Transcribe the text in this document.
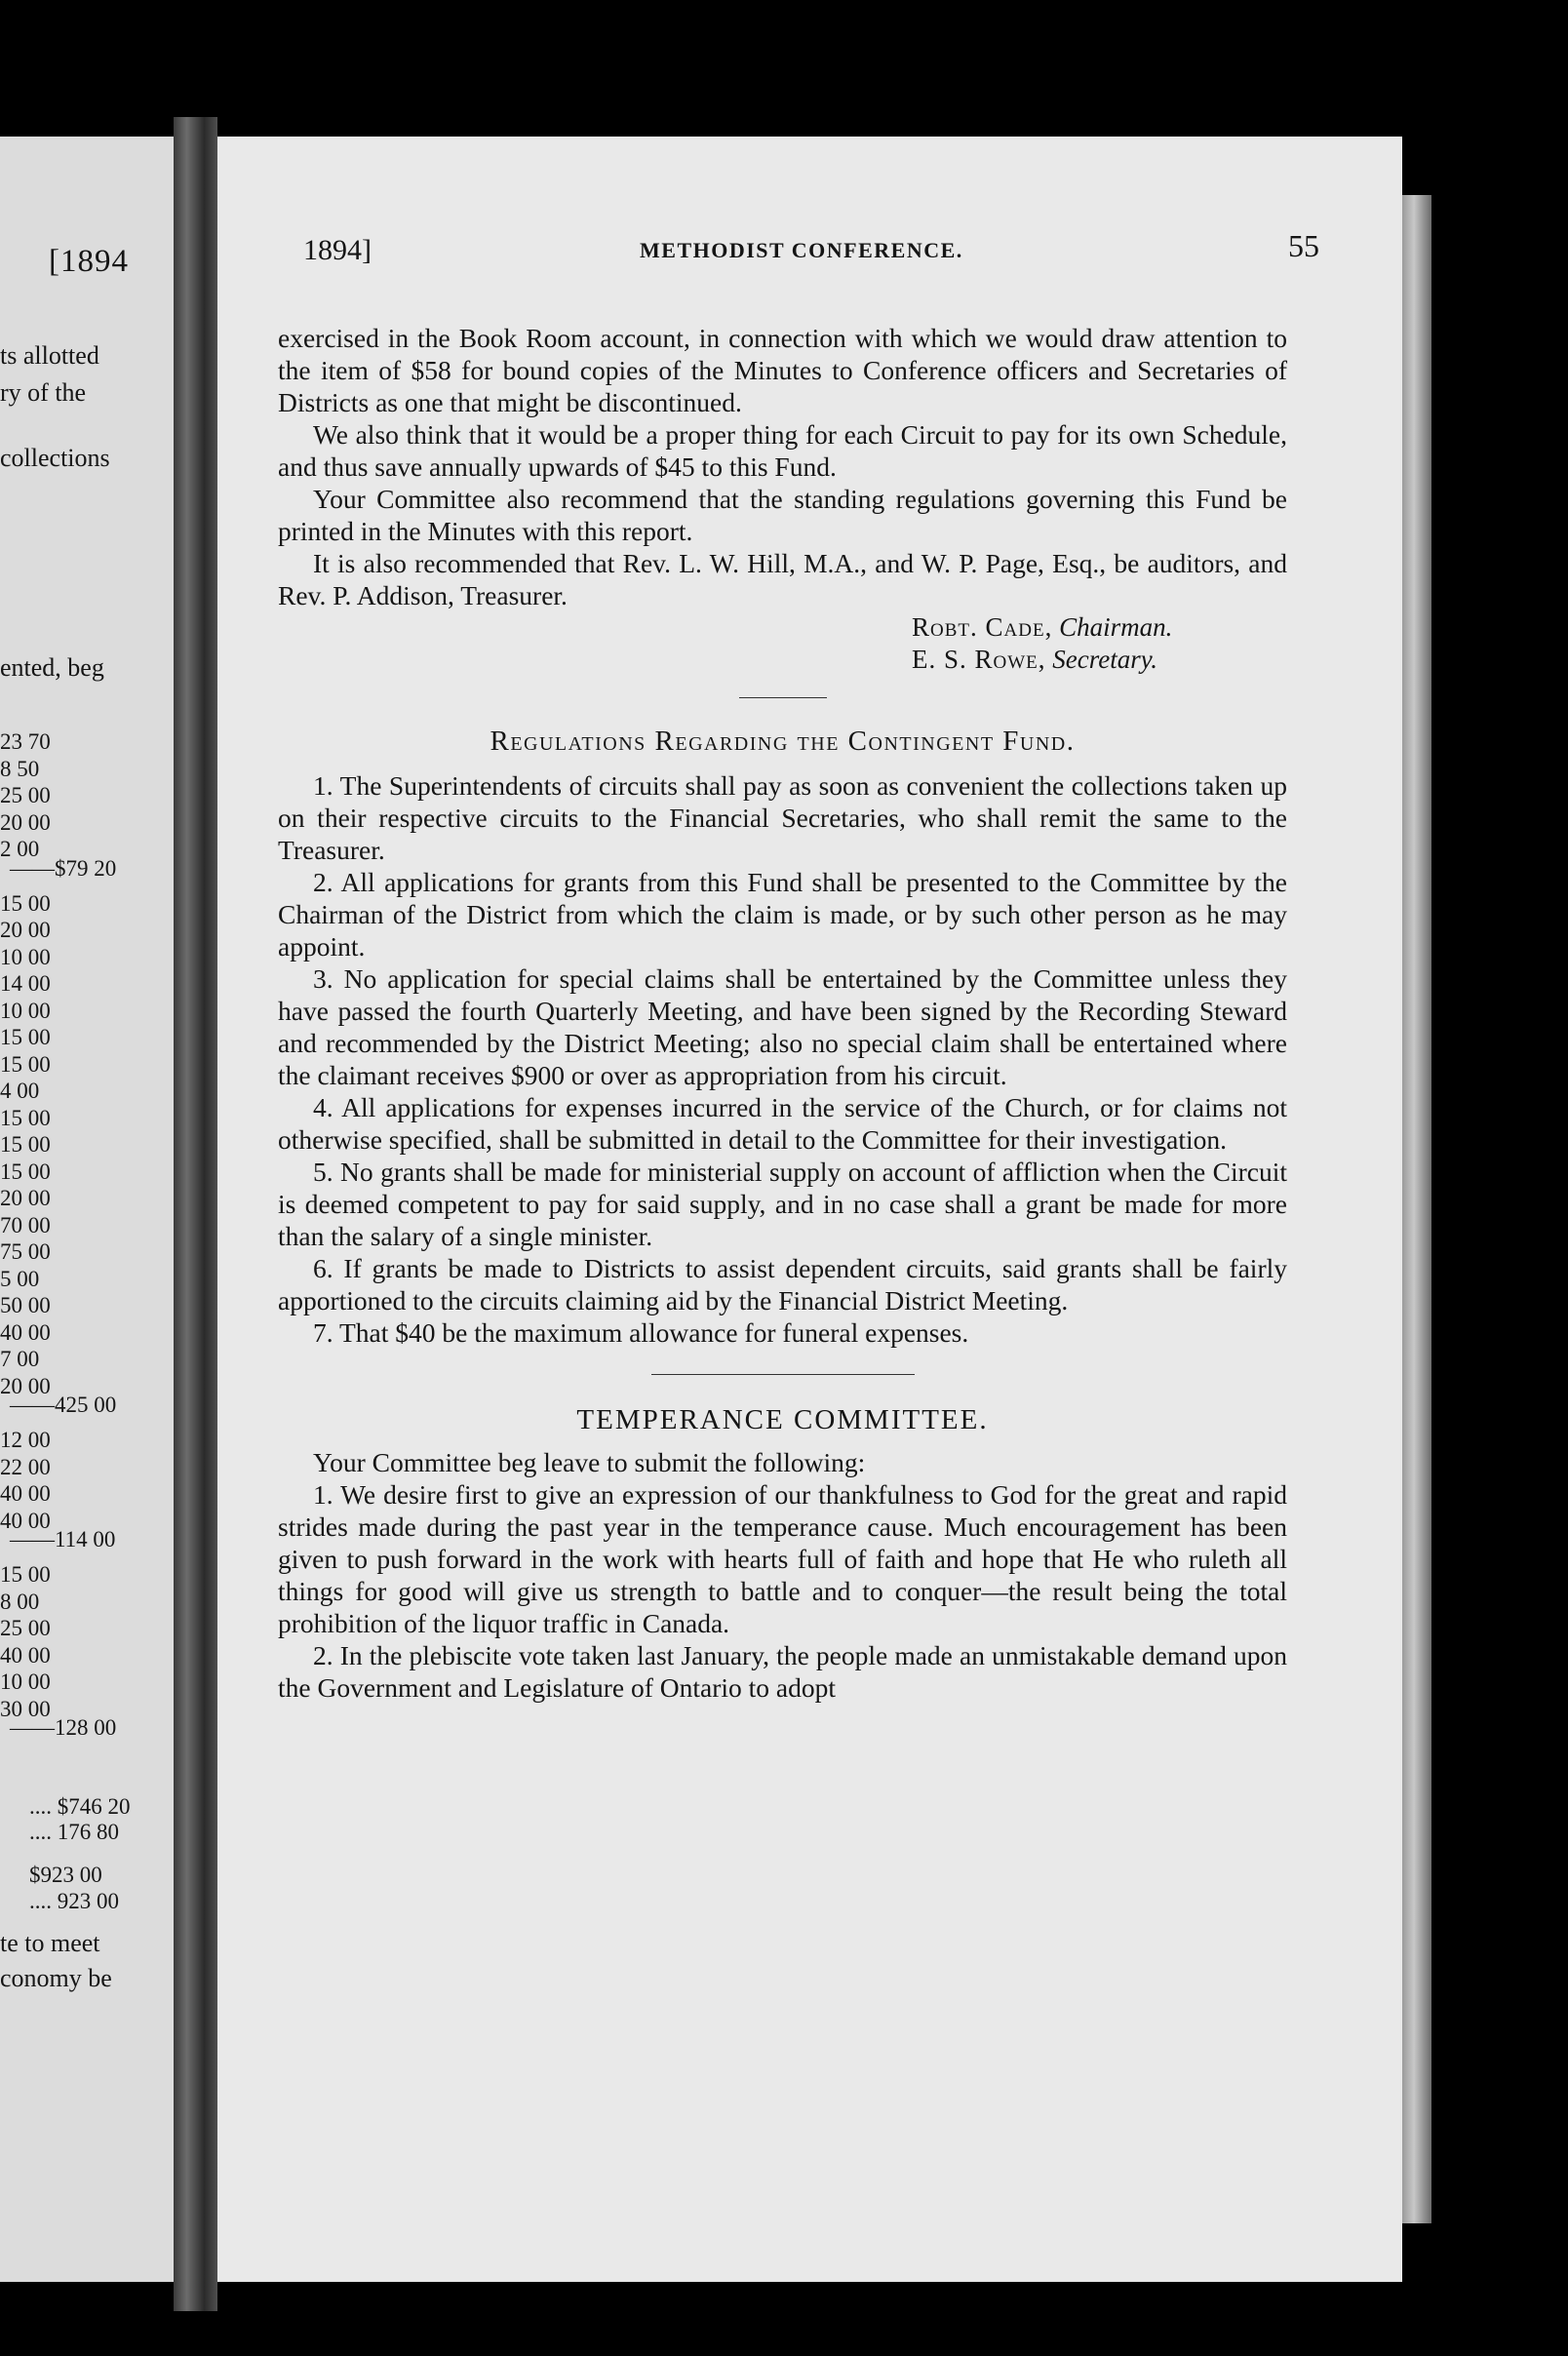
[1894
ts allotted
ry of the
collections
ented, beg
23 70
8 50
25 00
20 00
2 00
15 00
20 00
10 00
14 00
10 00
15 00
15 00
4 00
15 00
15 00
15 00
20 00
70 00
75 00
5 00
50 00
40 00
7 00
20 00
12 00
22 00
40 00
40 00
15 00
8 00
25 00
40 00
10 00
30 00
——$79 20
——425 00
——114 00
——128 00
.... $746 20
.... 176 80
$923 00
.... 923 00
te to meet
conomy be
1894]	METHODIST CONFERENCE.	55

exercised in the Book Room account, in connection with which we would draw attention to the item of $58 for bound copies of the Minutes to Conference officers and Secretaries of Districts as one that might be discontinued.

We also think that it would be a proper thing for each Circuit to pay for its own Schedule, and thus save annually upwards of $45 to this Fund.

Your Committee also recommend that the standing regulations governing this Fund be printed in the Minutes with this report.

It is also recommended that Rev. L. W. Hill, M.A., and W. P. Page, Esq., be auditors, and Rev. P. Addison, Treasurer.

Robt. Cade, Chairman.
E. S. Rowe, Secretary.
Regulations Regarding the Contingent Fund.

1. The Superintendents of circuits shall pay as soon as convenient the collections taken up on their respective circuits to the Financial Secretaries, who shall remit the same to the Treasurer.

2. All applications for grants from this Fund shall be presented to the Committee by the Chairman of the District from which the claim is made, or by such other person as he may appoint.

3. No application for special claims shall be entertained by the Committee unless they have passed the fourth Quarterly Meeting, and have been signed by the Recording Steward and recommended by the District Meeting; also no special claim shall be entertained where the claimant receives $900 or over as appropriation from his circuit.

4. All applications for expenses incurred in the service of the Church, or for claims not otherwise specified, shall be submitted in detail to the Committee for their investigation.

5. No grants shall be made for ministerial supply on account of affliction when the Circuit is deemed competent to pay for said supply, and in no case shall a grant be made for more than the salary of a single minister.

6. If grants be made to Districts to assist dependent circuits, said grants shall be fairly apportioned to the circuits claiming aid by the Financial District Meeting.

7. That $40 be the maximum allowance for funeral expenses.

TEMPERANCE COMMITTEE.

Your Committee beg leave to submit the following:

1. We desire first to give an expression of our thankfulness to God for the great and rapid strides made during the past year in the temperance cause. Much encouragement has been given to push forward in the work with hearts full of faith and hope that He who ruleth all things for good will give us strength to battle and to conquer—the result being the total prohibition of the liquor traffic in Canada.

2. In the plebiscite vote taken last January, the people made an unmistakable demand upon the Government and Legislature of Ontario to adopt
